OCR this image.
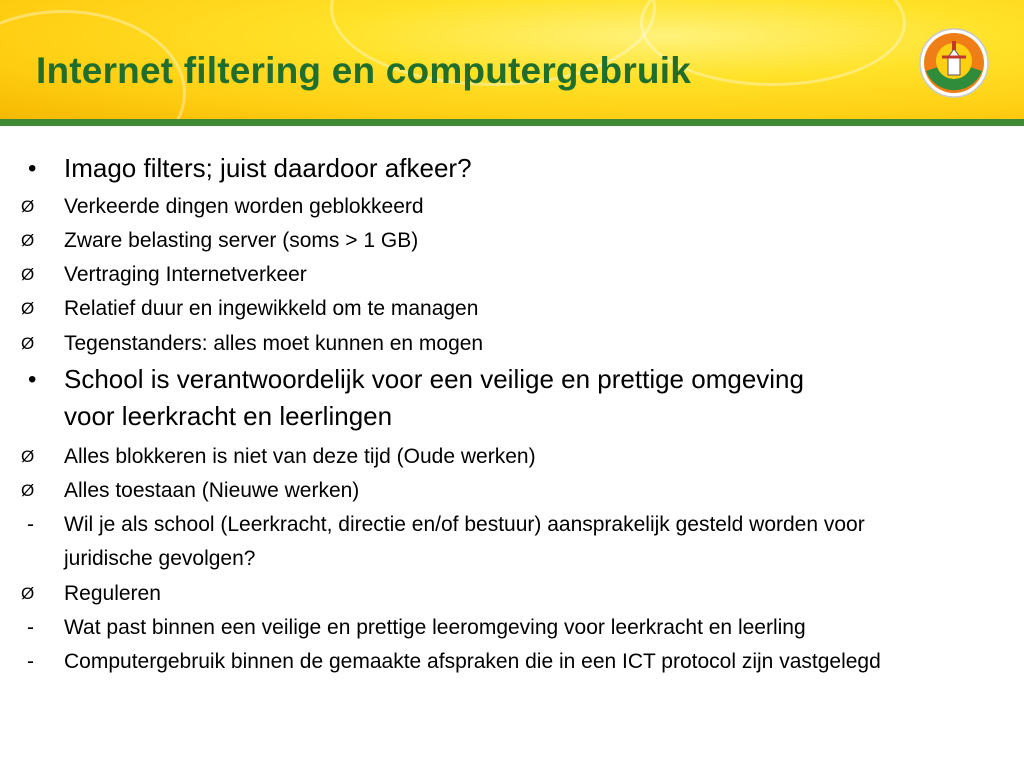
Internet filtering en computergebruik
• Imago filters; juist daardoor afkeer?
Ø Verkeerde dingen worden geblokkeerd
Ø Zware belasting server (soms > 1 GB)
Ø Vertraging Internetverkeer
Ø Relatief duur en ingewikkeld om te managen
Ø Tegenstanders: alles moet kunnen en mogen
• School is verantwoordelijk voor een veilige en prettige omgeving
voor leerkracht en leerlingen
Ø Alles blokkeren is niet van deze tijd (Oude werken)
Ø Alles toestaan (Nieuwe werken)
- Wil je als school (Leerkracht, directie en/of bestuur) aansprakelijk gesteld worden voor
juridische gevolgen?
Ø Reguleren
- Wat past binnen een veilige en prettige leeromgeving voor leerkracht en leerling
- Computergebruik binnen de gemaakte afspraken die in een ICT protocol zijn vastgelegd
